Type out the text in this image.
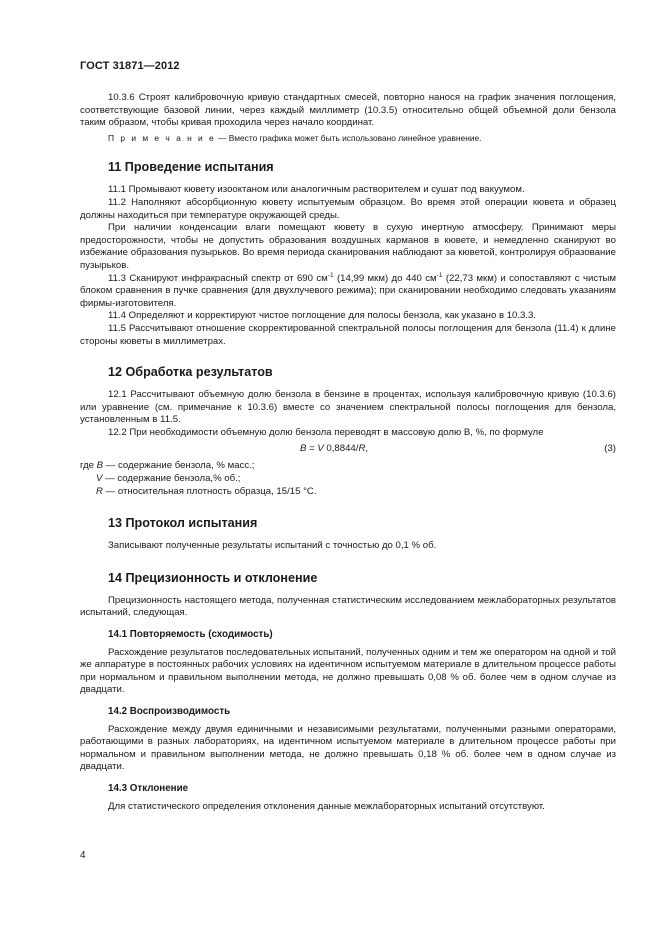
ГОСТ 31871—2012

10.3.6 Строят калибровочную кривую стандартных смесей, повторно нанося на график значения поглощения, соответствующие базовой линии, через каждый миллиметр (10.3.5) относительно общей объемной доли бензола таким образом, чтобы кривая проходила через начало координат.

П р и м е ч а н и е — Вместо графика может быть использовано линейное уравнение.

11 Проведение испытания

11.1 Промывают кювету изооктаном или аналогичным растворителем и сушат под вакуумом.

11.2 Наполняют абсорбционную кювету испытуемым образцом. Во время этой операции кювета и образец должны находиться при температуре окружающей среды.

При наличии конденсации влаги помещают кювету в сухую инертную атмосферу. Принимают меры предосторожности, чтобы не допустить образования воздушных карманов в кювете, и немедленно сканируют во избежание образования пузырьков. Во время периода сканирования наблюдают за кюветой, контролируя образование пузырьков.

11.3 Сканируют инфракрасный спектр от 690 $см^{-1}$ (14,99 мкм) до 440 $см^{-1}$ (22,73 мкм) и сопоставляют с чистым блоком сравнения в пучке сравнения (для двухлучевого режима); при сканировании необходимо следовать указаниям фирмы-изготовителя.

11.4 Определяют и корректируют чистое поглощение для полосы бензола, как указано в 10.3.3.

11.5 Рассчитывают отношение скорректированной спектральной полосы поглощения для бензола (11.4) к длине стороны кюветы в миллиметрах.

12 Обработка результатов

12.1 Рассчитывают объемную долю бензола в бензине в процентах, используя калибровочную кривую (10.3.6) или уравнение (см. примечание к 10.3.6) вместе со значением спектральной полосы поглощения для бензола, установленным в 11.5.

12.2 При необходимости объемную долю бензола переводят в массовую долю B, %, по формуле

B = V 0,8844/R,	(3)
где B — содержание бензола, % масс.;
V — содержание бензола,% об.;
R — относительная плотность образца, 15/15 °С.
13 Протокол испытания

Записывают полученные результаты испытаний с точностью до 0,1 % об.

14 Прецизионность и отклонение

Прецизионность настоящего метода, полученная статистическим исследованием межлабораторных результатов испытаний, следующая.

14.1 Повторяемость (сходимость)

Расхождение результатов последовательных испытаний, полученных одним и тем же оператором на одной и той же аппаратуре в постоянных рабочих условиях на идентичном испытуемом материале в длительном процессе работы при нормальном и правильном выполнении метода, не должно превышать 0,08 % об. более чем в одном случае из двадцати.

14.2 Воспроизводимость

Расхождение между двумя единичными и независимыми результатами, полученными разными операторами, работающими в разных лабораториях, на идентичном испытуемом материале в длительном процессе работы при нормальном и правильном выполнении метода, не должно превышать 0,18 % об. более чем в одном случае из двадцати.

14.3 Отклонение

Для статистического определения отклонения данные межлабораторных испытаний отсутствуют.

4
